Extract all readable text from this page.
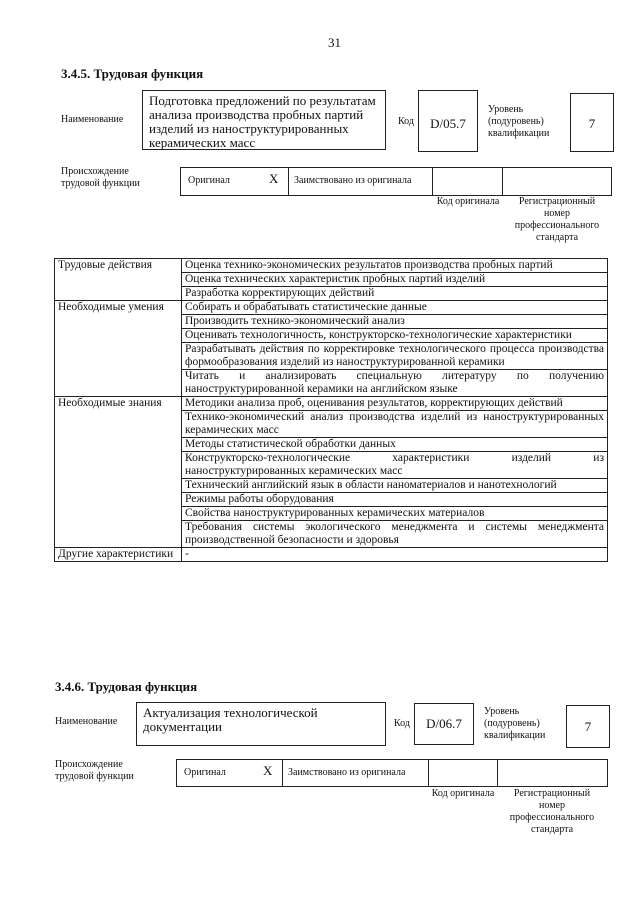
31
3.4.5. Трудовая функция
Наименование
Подготовка предложений по результатам анализа производства пробных партий изделий из наноструктурированных керамических масс
Код	D/05.7
Уровень (подуровень) квалификации
7
Происхождение трудовой функции	Оригинал	X Заимствовано из оригинала
Код оригинала	Регистрационный номер профессионального стандарта
Трудовые действия	Оценка технико-экономических результатов производства пробных партий
	Оценка технических характеристик пробных партий изделий
	Разработка корректирующих действий
Необходимые умения	Собирать и обрабатывать статистические данные
	Производить технико-экономический анализ
	Оценивать технологичность, конструкторско-технологические характеристики
	Разрабатывать действия по корректировке технологического процесса производства формообразования изделий из наноструктурированной керамики
	Читать и анализировать специальную литературу по получению наноструктурированной керамики на английском языке
Необходимые знания	Методики анализа проб, оценивания результатов, корректирующих действий
	Технико-экономический анализ производства изделий из наноструктурированных керамических масс
	Методы статистической обработки данных
	Конструкторско-технологические характеристики изделий из наноструктурированных керамических масс
	Технический английский язык в области наноматериалов и нанотехнологий
	Режимы работы оборудования
	Свойства наноструктурированных керамических материалов
	Требования системы экологического менеджмента и системы менеджмента производственной безопасности и здоровья
Другие характеристики	-
3.4.6. Трудовая функция
Наименование
Актуализация технологической документации	Код	D/06.7
Уровень (подуровень) квалификации
7
Происхождение трудовой функции	Оригинал	X Заимствовано из оригинала
Код оригинала	Регистрационный номер профессионального стандарта
